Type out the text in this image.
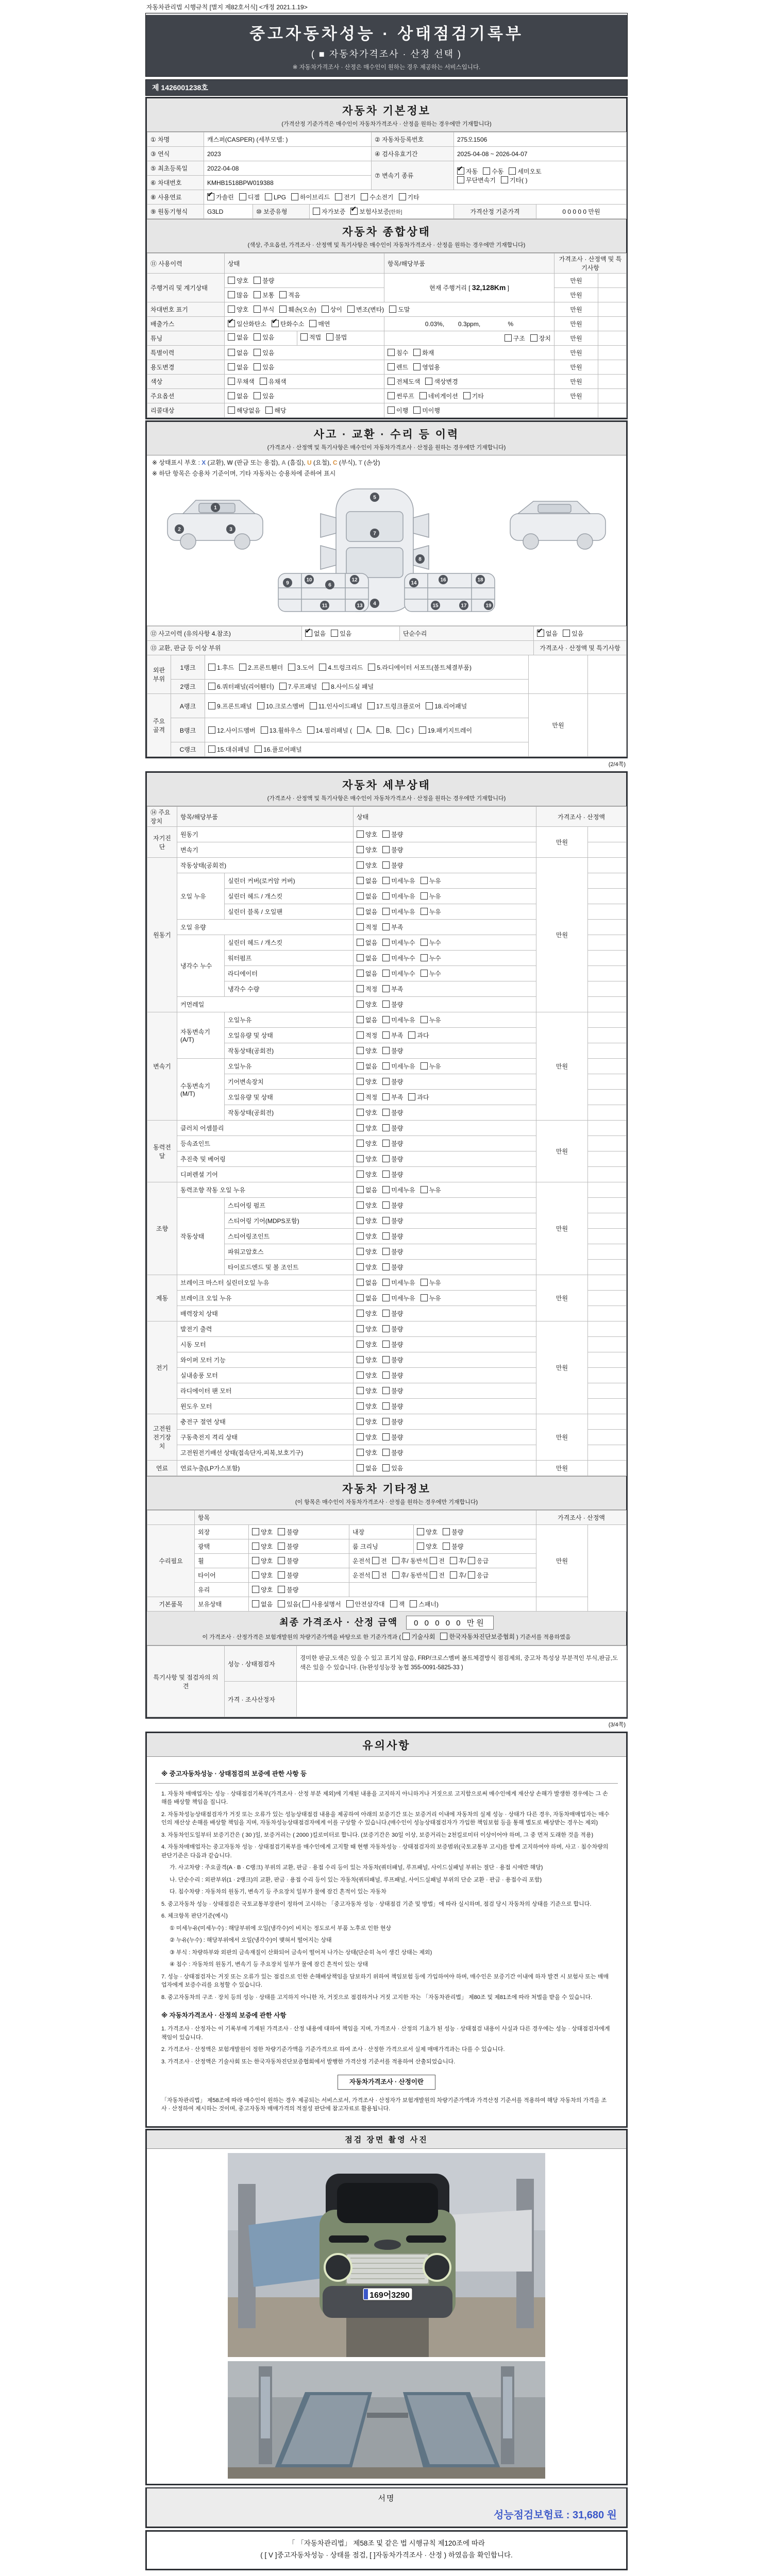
자동차관리법 시행규칙 [별지 제82호서식] <개정 2021.1.19>
중고자동차성능 · 상태점검기록부
( ■ 자동차가격조사 · 산정 선택 )
※ 자동차가격조사 · 산정은 매수인이 원하는 경우 제공하는 서비스입니다.
제 1426001238호
자동차 기본정보
(가격산정 기준가격은 매수인이 자동차가격조사 · 산정을 원하는 경우에만 기재합니다)
① 차명	캐스퍼(CASPER) (세부모델: )	② 자동차등록번호	275오1506
③ 연식	2023	④ 검사유효기간	2025-04-08 ~ 2026-04-07
⑤ 최초등록일	2022-04-08	⑦ 변속기 종류	
✔자동 수동 세미오토
무단변속기 기타( )

⑥ 차대번호	KMHB1518BPW019388		
⑧ 사용연료	✔가솔린 디젤 LPG 하이브리드 전기 수소전기 기타
⑨ 원동기형식	G3LD	⑩ 보증유형	자가보증 ✔ 보험사보증[한화]	가격산정 기준가격	0 0 0 0 0 만원
자동차 종합상태
(색상, 주요옵션, 가격조사 · 산정액 및 특기사항은 매수인이 자동차가격조사 · 산정을 원하는 경우에만 기재합니다)
⑪ 사용이력	상태	항목/해당부품	가격조사 · 산정액 및 특기사항	
주행거리 및 계기상태	양호 불량	현재 주행거리 [ 32,128Km ]	만원	
	많음 보통 적음		만원	
차대번호 표기	양호 부식 훼손(오손) 상이 변조(변타) 도말		만원	
배출가스	✔일산화탄소 ✔ 탄화수소 매연	0.03%,        0.3ppm,                %	만원	
튜닝	없음 있음 적법 불법	구조 장치	만원	
특별이력	없음 있음	침수 화재	만원	
용도변경	없음 있음	렌트 영업용	만원	
색상	무채색 유채색	전체도색 색상변경	만원	
주요옵션	없음 있음	썬루프 네비게이션 기타	만원	
리콜대상	해당없음 해당	이행 미이행		
사고 · 교환 · 수리 등 이력
(가격조사 · 산정액 및 특기사항은 매수인이 자동차가격조사 · 산정을 원하는 경우에만 기재합니다)
※ 상태표시 부호 : X (교환), W (판금 또는 용접), A (흠집), U (요철), C (부식), T (손상)
※ 하단 항목은 승용차 기준이며, 기타 자동차는 승용차에 준하여 표시
1
2	3
4
5
6
7
8
9
10
11
12
13
14
15
16
17
18
19
⑫ 사고이력 (유의사항 4.참조)	✔없음 있음	단순수리	✔없음 있음
⑬ 교환, 판금 등 이상 부위			가격조사 · 산정액 및 특기사항
외판 부위	1랭크	1.후드 2.프론트휀더 3.도어 4.트렁크리드 5.라디에이터 서포트(볼트체결부품)		
	2랭크	6.쿼터패널(리어휀더) 7.루프패널 8.사이드실 패널		
주요 골격	A랭크	9.프론트패널 10.크로스멤버 11.인사이드패널 17.트렁크플로어 18.리어패널	만원	
	B랭크	12.사이드멤버 13.휠하우스 14.필러패널 ( A, B, C ) 19.패키지트레이		
	C랭크	15.대쉬패널 16.플로어패널		
(2/4쪽)
자동차 세부상태
(가격조사 · 산정액 및 특기사항은 매수인이 자동차가격조사 · 산정을 원하는 경우에만 기재합니다)
⑭ 주요장치	항목/해당부품		상태	가격조사 · 산정액	
자기진단	원동기		양호 불량	만원	
	변속기		양호 불량		
원동기	작동상태(공회전)		양호 불량	만원	
	오일 누유	실린더 커버(로커암 커버)	없음 미세누유 누유		
		실린더 헤드 / 개스킷	없음 미세누유 누유		
		실린더 블록 / 오일팬	없음 미세누유 누유		
	오일 유량		적정 부족		
	냉각수 누수	실린더 헤드 / 개스킷	없음 미세누수 누수		
		워터펌프	없음 미세누수 누수		
		라디에이터	없음 미세누수 누수		
		냉각수 수량	적정 부족		
	커먼레일		양호 불량		
변속기	자동변속기 (A/T)	오일누유	없음 미세누유 누유	만원	
		오일유량 및 상태	적정 부족 과다		
		작동상태(공회전)	양호 불량		
	수동변속기 (M/T)	오일누유	없음 미세누유 누유		
		기어변속장치	양호 불량		
		오일유량 및 상태	적정 부족 과다		
		작동상태(공회전)	양호 불량		
동력전달	클러치 어셈블리		양호 불량	만원	
	등속죠인트		양호 불량		
	추진축 및 베어링		양호 불량		
	디퍼렌셜 기어		양호 불량		
조향	동력조향 작동 오일 누유		없음 미세누유 누유	만원	
	작동상태	스티어링 펌프	양호 불량		
		스티어링 기어(MDPS포함)	양호 불량		
		스티어링조인트	양호 불량		
		파워고압호스	양호 불량		
		타이로드엔드 및 볼 조인트	양호 불량		
제동	브레이크 마스터 실린더오일 누유		없음 미세누유 누유	만원	
	브레이크 오일 누유		없음 미세누유 누유		
	배력장치 상태		양호 불량		
전기	발전기 출력		양호 불량	만원	
	시동 모터		양호 불량		
	와이퍼 모터 기능		양호 불량		
	실내송풍 모터		양호 불량		
	라디에이터 팬 모터		양호 불량		
	윈도우 모터		양호 불량		
고전원 전기장치	충전구 절연 상태		양호 불량	만원	
	구동축전지 격리 상태		양호 불량		
	고전원전기배선 상태(접속단자,피복,보호기구)		양호 불량		
연료	연료누출(LP가스포함)		없음 있음	만원	
자동차 기타정보
(이 항목은 매수인이 자동차가격조사 · 산정을 원하는 경우에만 기재합니다)
	항목				가격조사 · 산정액	
수리필요	외장	양호 불량	내장	양호 불량	만원	
	광택	양호 불량	룸 크리닝	양호 불량		
	휠	양호 불량	운전석 전 후/ 동반석 전 후/ 응급			
	타이어	양호 불량	운전석 전 후/ 동반석 전 후/ 응급			
	유리	양호 불량				
기본품목	보유상태	없음 있음( 사용설명서 안전삼각대 잭 스패너)				
최종 가격조사 · 산정 금액 0 0 0 0 0 만원
이 가격조사 · 산정가격은 보험개발원의 차량기준가액을 바탕으로 한 기준가격과 ( 기술사회 한국자동차진단보증협회 ) 기준서를 적용하였음
특기사항 및 점검자의 의견	성능 · 상태점검자	경미한 판금,도색은 있을 수 있고 표기치 않음, FRP/크로스멤버 볼트체결방식 점검제외, 중고차 특성상 부분적인 부식,판금,도색은 있을 수 있습니다. (뉴완성성능장 농협 355-0091-5825-33 )
	가격 · 조사산정자	
(3/4쪽)
유의사항
※ 중고자동차성능 · 상태점검의 보증에 관한 사항 등

1. 자동차 매매업자는 성능 · 상태점검기록부(가격조사 · 산정 부분 제외)에 기재된 내용을 고지하지 아니하거나 거짓으로 고지함으로써 매수인에게 재산상 손해가 발생한 경우에는 그 손해를 배상할 책임을 집니다.

2. 자동차성능상태점검자가 거짓 또는 오류가 있는 성능상태점검 내용을 제공하여 아래의 보증기간 또는 보증거리 이내에 자동차의 실제 성능 · 상태가 다른 경우, 자동차매매업자는 매수인의 재산상 손해를 배상할 책임을 지며, 자동차성능상태점검자에게 이를 구상할 수 있습니다.(매수인이 성능상태점검자가 가입한 책임보험 등을 통해 별도로 배상받는 경우는 제외)

3. 자동차인도일부터 보증기간은 ( 30 )일, 보증거리는 ( 2000 )킬로미터로 합니다. (보증기간은 30일 이상, 보증거리는 2천킬로미터 이상이어야 하며, 그 중 먼저 도래한 것을 적용)

4. 자동차매매업자는 중고자동차 성능 · 상태점검기록부를 매수인에게 고지할 때 현행 자동차성능 · 상태점검자의 보증범위(국토교통부 고시)를 함께 고지하여야 하며, 사고 · 침수차량의 판단기준은 다음과 같습니다.

가. 사고차량 : 주요골격(A · B · C랭크) 부위의 교환, 판금 · 용접 수리 등이 있는 자동차(쿼터패널, 루프패널, 사이드실패널 부위는 절단 · 용접 시에만 해당)

나. 단순수리 : 외판부위(1 · 2랭크)의 교환, 판금 · 용접 수리 등이 있는 자동차(쿼터패널, 루프패널, 사이드실패널 부위의 단순 교환 · 판금 · 용접수리 포함)

다. 침수차량 : 자동차의 원동기, 변속기 등 주요장치 일부가 물에 잠긴 흔적이 있는 자동차

5. 중고자동차 성능 · 상태점검은 국토교통부장관이 정하여 고시하는 「중고자동차 성능 · 상태점검 기준 및 방법」에 따라 실시하며, 점검 당시 자동차의 상태를 기준으로 합니다.

6. 체크항목 판단기준(예시)

① 미세누유(미세누수) : 해당부위에 오일(냉각수)이 비치는 정도로서 부품 노후로 인한 현상

② 누유(누수) : 해당부위에서 오일(냉각수)이 맺혀서 떨어지는 상태

③ 부식 : 차량하부와 외판의 금속재질이 산화되어 금속이 떨어져 나가는 상태(단순히 녹이 생긴 상태는 제외)

④ 침수 : 자동차의 원동기, 변속기 등 주요장치 일부가 물에 잠긴 흔적이 있는 상태

7. 성능 · 상태점검자는 거짓 또는 오류가 있는 점검으로 인한 손해배상책임을 담보하기 위하여 책임보험 등에 가입하여야 하며, 매수인은 보증기간 이내에 하자 발견 시 보험사 또는 매매업자에게 보증수리를 요청할 수 있습니다.

8. 중고자동차의 구조 · 장치 등의 성능 · 상태를 고지하지 아니한 자, 거짓으로 점검하거나 거짓 고지한 자는 「자동차관리법」 제80조 및 제81조에 따라 처벌을 받을 수 있습니다.

※ 자동차가격조사 · 산정의 보증에 관한 사항

1. 가격조사 · 산정자는 이 기록부에 기재된 가격조사 · 산정 내용에 대하여 책임을 지며, 가격조사 · 산정의 기초가 된 성능 · 상태점검 내용이 사실과 다른 경우에는 성능 · 상태점검자에게 책임이 있습니다.

2. 가격조사 · 산정액은 보험개발원이 정한 차량기준가액을 기준가격으로 하여 조사 · 산정한 가격으로서 실제 매매가격과는 다를 수 있습니다.

3. 가격조사 · 산정액은 기술사회 또는 한국자동차진단보증협회에서 발행한 가격산정 기준서를 적용하여 산출되었습니다.

자동차가격조사 · 산정이란

「자동차관리법」 제58조에 따라 매수인이 원하는 경우 제공되는 서비스로서, 가격조사 · 산정자가 보험개발원의 차량기준가액과 가격산정 기준서를 적용하여 해당 자동차의 가격을 조사 · 산정하여 제시하는 것이며, 중고자동차 매매가격의 적절성 판단에 참고자료로 활용됩니다.

점검 장면 촬영 사진
169어3290
서명
성능점검보험료 : 31,680 원
「 「자동차관리법」 제58조 및 같은 법 시행규칙 제120조에 따라
( [ V ]중고자동차성능 · 상태를 점검, [ ]자동차가격조사 · 산정 ) 하였음을 확인합니다.
